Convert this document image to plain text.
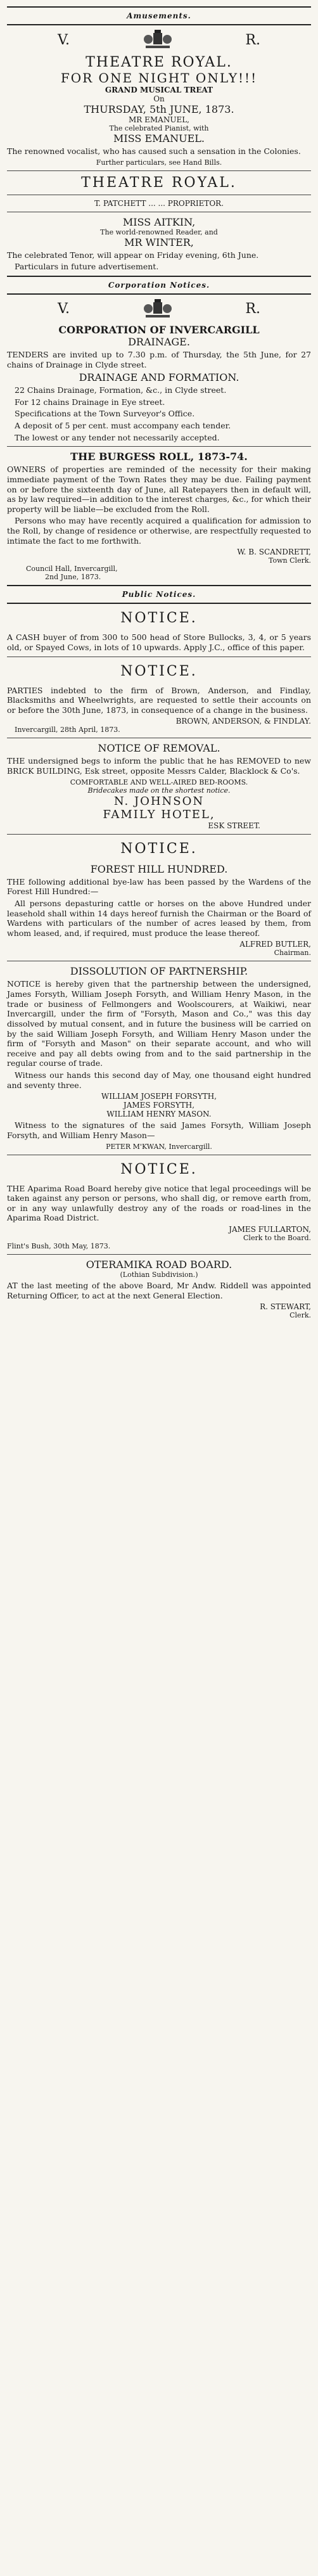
Amusements.
V.	R.
THEATRE ROYAL.
FOR ONE NIGHT ONLY!!!
GRAND MUSICAL TREAT
On
THURSDAY, 5th JUNE, 1873.
MR EMANUEL,
The celebrated Pianist, with
MISS EMANUEL.

The renowned vocalist, who has caused such a sensation in the Colonies.

Further particulars, see Hand Bills.
THEATRE ROYAL.
T. PATCHETT ... ... PROPRIETOR.
MISS AITKIN,
The world-renowned Reader, and
MR WINTER,

The celebrated Tenor, will appear on Friday evening, 6th June.

Particulars in future advertisement.

Corporation Notices.
V.	R.
CORPORATION OF INVERCARGILL
DRAINAGE.

TENDERS are invited up to 7.30 p.m. of Thursday, the 5th June, for 27 chains of Drainage in Clyde street.

DRAINAGE AND FORMATION.

22 Chains Drainage, Formation, &c., in Clyde street.

For 12 chains Drainage in Eye street.

Specifications at the Town Surveyor's Office.

A deposit of 5 per cent. must accompany each tender.

The lowest or any tender not necessarily accepted.

THE BURGESS ROLL, 1873-74.

OWNERS of properties are reminded of the necessity for their making immediate payment of the Town Rates they may be due. Failing payment on or before the sixteenth day of June, all Ratepayers then in default will, as by law required—in addition to the interest charges, &c., for which their property will be liable—be excluded from the Roll.

Persons who may have recently acquired a qualification for admission to the Roll, by change of residence or otherwise, are respectfully requested to intimate the fact to me forthwith.

W. B. SCANDRETT,
Town Clerk.
Council Hall, Invercargill,
2nd June, 1873.
Public Notices.
NOTICE.

A CASH buyer of from 300 to 500 head of Store Bullocks, 3, 4, or 5 years old, or Spayed Cows, in lots of 10 upwards. Apply J.C., office of this paper.

NOTICE.

PARTIES indebted to the firm of Brown, Anderson, and Findlay, Blacksmiths and Wheelwrights, are requested to settle their accounts on or before the 30th June, 1873, in consequence of a change in the business.

BROWN, ANDERSON, & FINDLAY.
Invercargill, 28th April, 1873.
NOTICE OF REMOVAL.

THE undersigned begs to inform the public that he has REMOVED to new BRICK BUILDING, Esk street, opposite Messrs Calder, Blacklock & Co's.

COMFORTABLE AND WELL-AIRED BED-ROOMS.
Bridecakes made on the shortest notice.
N. JOHNSON
FAMILY HOTEL,
ESK STREET.
NOTICE.
FOREST HILL HUNDRED.

THE following additional bye-law has been passed by the Wardens of the Forest Hill Hundred:—

All persons depasturing cattle or horses on the above Hundred under leasehold shall within 14 days hereof furnish the Chairman or the Board of Wardens with particulars of the number of acres leased by them, from whom leased, and, if required, must produce the lease thereof.

ALFRED BUTLER,
Chairman.
DISSOLUTION OF PARTNERSHIP.

NOTICE is hereby given that the partnership between the undersigned, James Forsyth, William Joseph Forsyth, and William Henry Mason, in the trade or business of Fellmongers and Woolscourers, at Waikiwi, near Invercargill, under the firm of "Forsyth, Mason and Co.," was this day dissolved by mutual consent, and in future the business will be carried on by the said William Joseph Forsyth, and William Henry Mason under the firm of "Forsyth and Mason" on their separate account, and who will receive and pay all debts owing from and to the said partnership in the regular course of trade.

Witness our hands this second day of May, one thousand eight hundred and seventy three.

WILLIAM JOSEPH FORSYTH,
JAMES FORSYTH,
WILLIAM HENRY MASON.

Witness to the signatures of the said James Forsyth, William Joseph Forsyth, and William Henry Mason—

PETER M'KWAN, Invercargill.
NOTICE.

THE Aparima Road Board hereby give notice that legal proceedings will be taken against any person or persons, who shall dig, or remove earth from, or in any way unlawfully destroy any of the roads or road-lines in the Aparima Road District.

JAMES FULLARTON,
Clerk to the Board.
Flint's Bush, 30th May, 1873.
OTERAMIKA ROAD BOARD.
(Lothian Subdivision.)

AT the last meeting of the above Board, Mr Andw. Riddell was appointed Returning Officer, to act at the next General Election.

R. STEWART,
Clerk.
